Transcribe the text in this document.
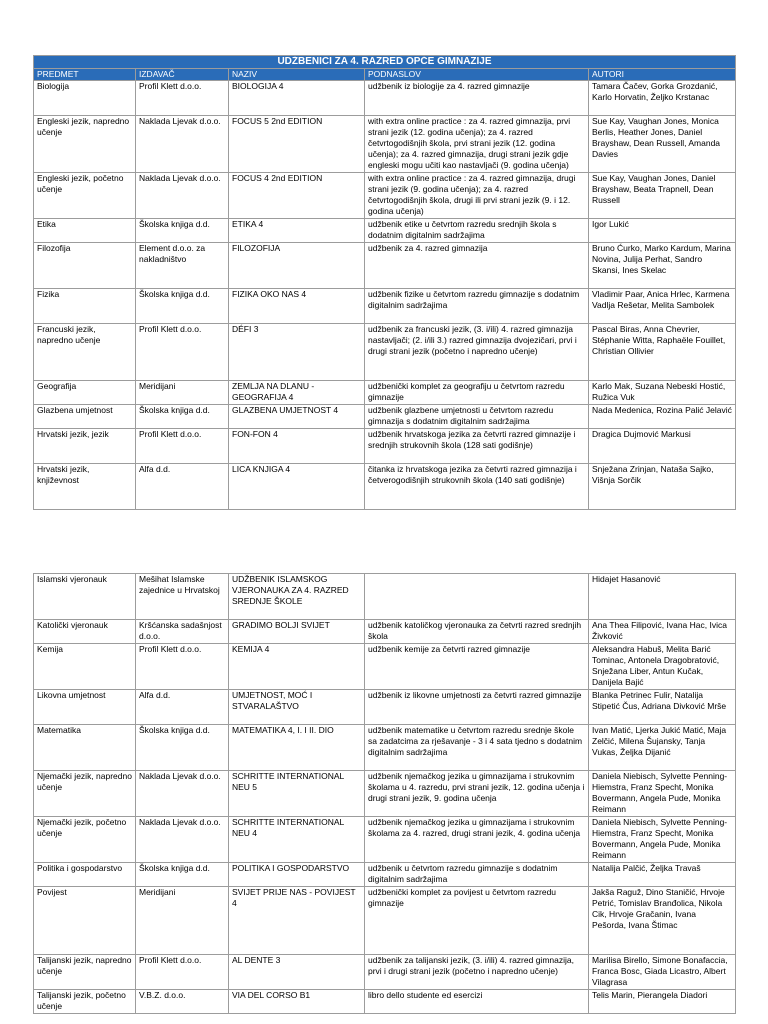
UDŽBENICI ZA 4. RAZRED OPĆE GIMNAZIJE				
PREDMET	IZDAVAČ	NAZIV	PODNASLOV	AUTORI
Biologija	Profil Klett d.o.o.	BIOLOGIJA 4	udžbenik iz biologije za 4. razred gimnazije	Tamara Čačev, Gorka Grozdanić, Karlo Horvatin, Željko Krstanac
Engleski jezik, napredno učenje	Naklada Ljevak d.o.o.	FOCUS 5 2nd EDITION	with extra online practice : za 4. razred gimnazija, prvi strani jezik (12. godina učenja); za 4. razred četvrtogodišnjih škola, prvi strani jezik (12. godina učenja); za 4. razred gimnazija, drugi strani jezik gdje engleski mogu učiti kao nastavljači (9. godina učenja)	Sue Kay, Vaughan Jones, Monica Berlis, Heather Jones, Daniel Brayshaw, Dean Russell, Amanda Davies
Engleski jezik, početno učenje	Naklada Ljevak d.o.o.	FOCUS 4 2nd EDITION	with extra online practice : za 4. razred gimnazija, drugi strani jezik (9. godina učenja); za 4. razred četvrtogodišnjih škola, drugi ili prvi strani jezik (9. i 12. godina učenja)	Sue Kay, Vaughan Jones, Daniel Brayshaw, Beata Trapnell, Dean Russell
Etika	Školska knjiga d.d.	ETIKA 4	udžbenik etike u četvrtom razredu srednjih škola s dodatnim digitalnim sadržajima	Igor Lukić
Filozofija	Element d.o.o. za nakladništvo	FILOZOFIJA	udžbenik za 4. razred gimnazija	Bruno Ćurko, Marko Kardum, Marina Novina, Julija Perhat, Sandro Skansi, Ines Skelac
Fizika	Školska knjiga d.d.	FIZIKA OKO NAS 4	udžbenik fizike u četvrtom razredu gimnazije s dodatnim digitalnim sadržajima	Vladimir Paar, Anica Hrlec, Karmena Vadlja Rešetar, Melita Sambolek
Francuski jezik, napredno učenje	Profil Klett d.o.o.	DÉFI 3	udžbenik za francuski jezik, (3. i/ili) 4. razred gimnazija nastavljači; (2. i/ili 3.) razred gimnazija dvojezičari, prvi i drugi strani jezik (početno i napredno učenje)	Pascal Biras, Anna Chevrier, Stéphanie Witta, Raphaële Fouillet, Christian Ollivier
Geografija	Meridijani	ZEMLJA NA DLANU - GEOGRAFIJA 4	udžbenički komplet za geografiju u četvrtom razredu gimnazije	Karlo Mak, Suzana Nebeski Hostić, Ružica Vuk
Glazbena umjetnost	Školska knjiga d.d.	GLAZBENA UMJETNOST 4	udžbenik glazbene umjetnosti u četvrtom razredu gimnazija s dodatnim digitalnim sadržajima	Nada Medenica, Rozina Palić Jelavić
Hrvatski jezik, jezik	Profil Klett d.o.o.	FON-FON 4	udžbenik hrvatskoga jezika za četvrti razred gimnazije i srednjih strukovnih škola (128 sati godišnje)	Dragica Dujmović Markusi
Hrvatski jezik, književnost	Alfa d.d.	LICA KNJIGA 4	čitanka iz hrvatskoga jezika za četvrti razred gimnazija i četverogodišnjih strukovnih škola (140 sati godišnje)	Snježana Zrinjan, Nataša Sajko, Višnja Sorčik
Islamski vjeronauk	Mešihat Islamske zajednice u Hrvatskoj	UDŽBENIK ISLAMSKOG VJERONAUKA ZA 4. RAZRED SREDNJE ŠKOLE		Hidajet Hasanović
Katolički vjeronauk	Kršćanska sadašnjost d.o.o.	GRADIMO BOLJI SVIJET	udžbenik katoličkog vjeronauka za četvrti razred srednjih škola	Ana Thea Filipović, Ivana Hac, Ivica Živković
Kemija	Profil Klett d.o.o.	KEMIJA 4	udžbenik kemije za četvrti razred gimnazije	Aleksandra Habuš, Melita Barić Tominac, Antonela Dragobratović, Snježana Liber, Antun Kučak, Danijela Bajić
Likovna umjetnost	Alfa d.d.	UMJETNOST, MOĆ I STVARALAŠTVO	udžbenik iz likovne umjetnosti za četvrti razred gimnazije	Blanka Petrinec Fulir, Natalija Stipetić Čus, Adriana Divković Mrše
Matematika	Školska knjiga d.d.	MATEMATIKA 4, I. I II. DIO	udžbenik matematike u četvrtom razredu srednje škole sa zadatcima za rješavanje - 3 i 4 sata tjedno s dodatnim digitalnim sadržajima	Ivan Matić, Ljerka Jukić Matić, Maja Zelčić, Milena Šujansky, Tanja Vukas, Željka Dijanić
Njemački jezik, napredno učenje	Naklada Ljevak d.o.o.	SCHRITTE INTERNATIONAL NEU 5	udžbenik njemačkog jezika u gimnazijama i strukovnim školama u 4. razredu, prvi strani jezik, 12. godina učenja i drugi strani jezik, 9. godina učenja	Daniela Niebisch, Sylvette Penning-Hiemstra, Franz Specht, Monika Bovermann, Angela Pude, Monika Reimann
Njemački jezik, početno učenje	Naklada Ljevak d.o.o.	SCHRITTE INTERNATIONAL NEU 4	udžbenik njemačkog jezika u gimnazijama i strukovnim školama za 4. razred, drugi strani jezik, 4. godina učenja	Daniela Niebisch, Sylvette Penning-Hiemstra, Franz Specht, Monika Bovermann, Angela Pude, Monika Reimann
Politika i gospodarstvo	Školska knjiga d.d.	POLITIKA I GOSPODARSTVO	udžbenik u četvrtom razredu gimnazije s dodatnim digitalnim sadržajima	Natalija Palčić, Željka Travaš
Povijest	Meridijani	SVIJET PRIJE NAS - POVIJEST 4	udžbenički komplet za povijest u četvrtom razredu gimnazije	Jakša Raguž, Dino Staničić, Hrvoje Petrić, Tomislav Branđolica, Nikola Cik, Hrvoje Gračanin, Ivana Pešorda, Ivana Štimac
Talijanski jezik, napredno učenje	Profil Klett d.o.o.	AL DENTE 3	udžbenik za talijanski jezik, (3. i/ili) 4. razred gimnazija, prvi i drugi strani jezik (početno i napredno učenje)	Marilisa Birello, Simone Bonafaccia, Franca Bosc, Giada Licastro, Albert Vilagrasa
Talijanski jezik, početno učenje	V.B.Z. d.o.o.	VIA DEL CORSO B1	libro dello studente ed esercizi	Telis Marin, Pierangela Diadori
